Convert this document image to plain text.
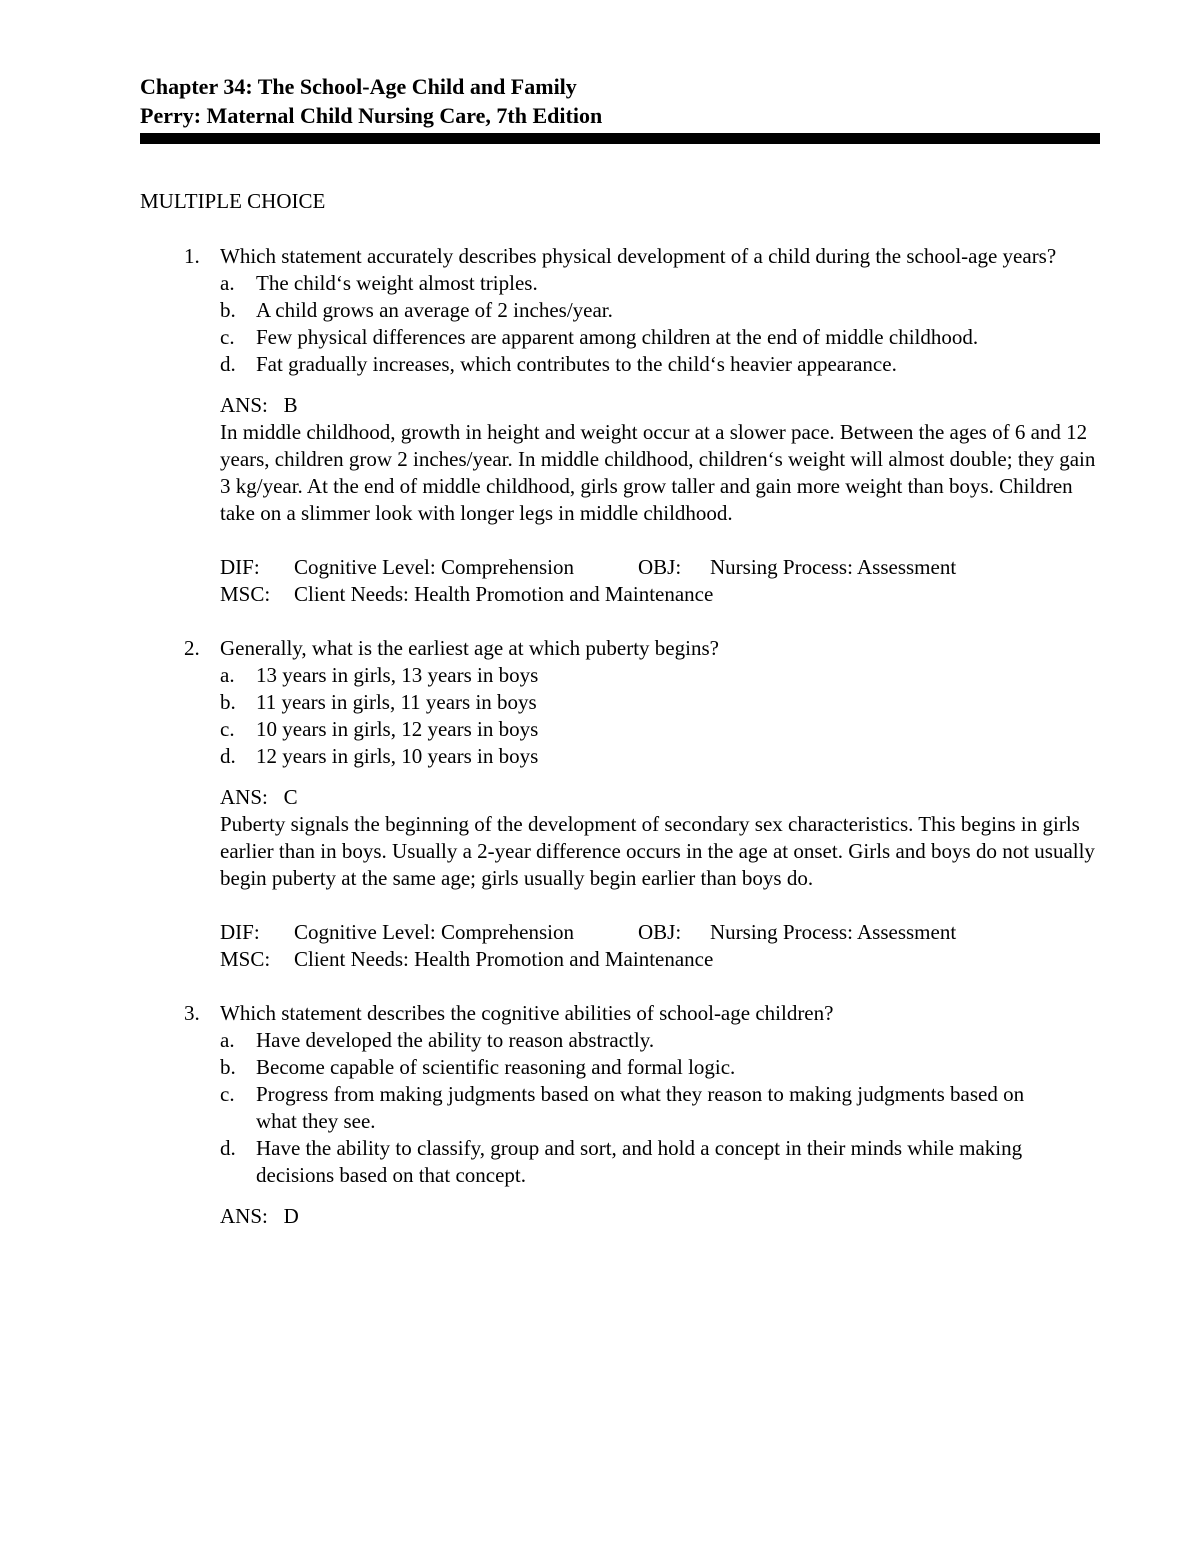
Chapter 34: The School-Age Child and Family
Perry: Maternal Child Nursing Care, 7th Edition
MULTIPLE CHOICE
1. Which statement accurately describes physical development of a child during the school-age years?
a. The child‘s weight almost triples.
b. A child grows an average of 2 inches/year.
c. Few physical differences are apparent among children at the end of middle childhood.
d. Fat gradually increases, which contributes to the child‘s heavier appearance.
ANS: B
In middle childhood, growth in height and weight occur at a slower pace. Between the ages of 6 and 12 years, children grow 2 inches/year. In middle childhood, children‘s weight will almost double; they gain 3 kg/year. At the end of middle childhood, girls grow taller and gain more weight than boys. Children take on a slimmer look with longer legs in middle childhood.
DIF:	Cognitive Level: Comprehension	OBJ:	Nursing Process: Assessment
MSC:	Client Needs: Health Promotion and Maintenance
2. Generally, what is the earliest age at which puberty begins?
a. 13 years in girls, 13 years in boys
b. 11 years in girls, 11 years in boys
c. 10 years in girls, 12 years in boys
d. 12 years in girls, 10 years in boys
ANS: C
Puberty signals the beginning of the development of secondary sex characteristics. This begins in girls earlier than in boys. Usually a 2-year difference occurs in the age at onset. Girls and boys do not usually begin puberty at the same age; girls usually begin earlier than boys do.
DIF:	Cognitive Level: Comprehension	OBJ:	Nursing Process: Assessment
MSC:	Client Needs: Health Promotion and Maintenance
3. Which statement describes the cognitive abilities of school-age children?
a. Have developed the ability to reason abstractly.
b. Become capable of scientific reasoning and formal logic.
c. Progress from making judgments based on what they reason to making judgments based on what they see.
d. Have the ability to classify, group and sort, and hold a concept in their minds while making decisions based on that concept.
ANS: D
